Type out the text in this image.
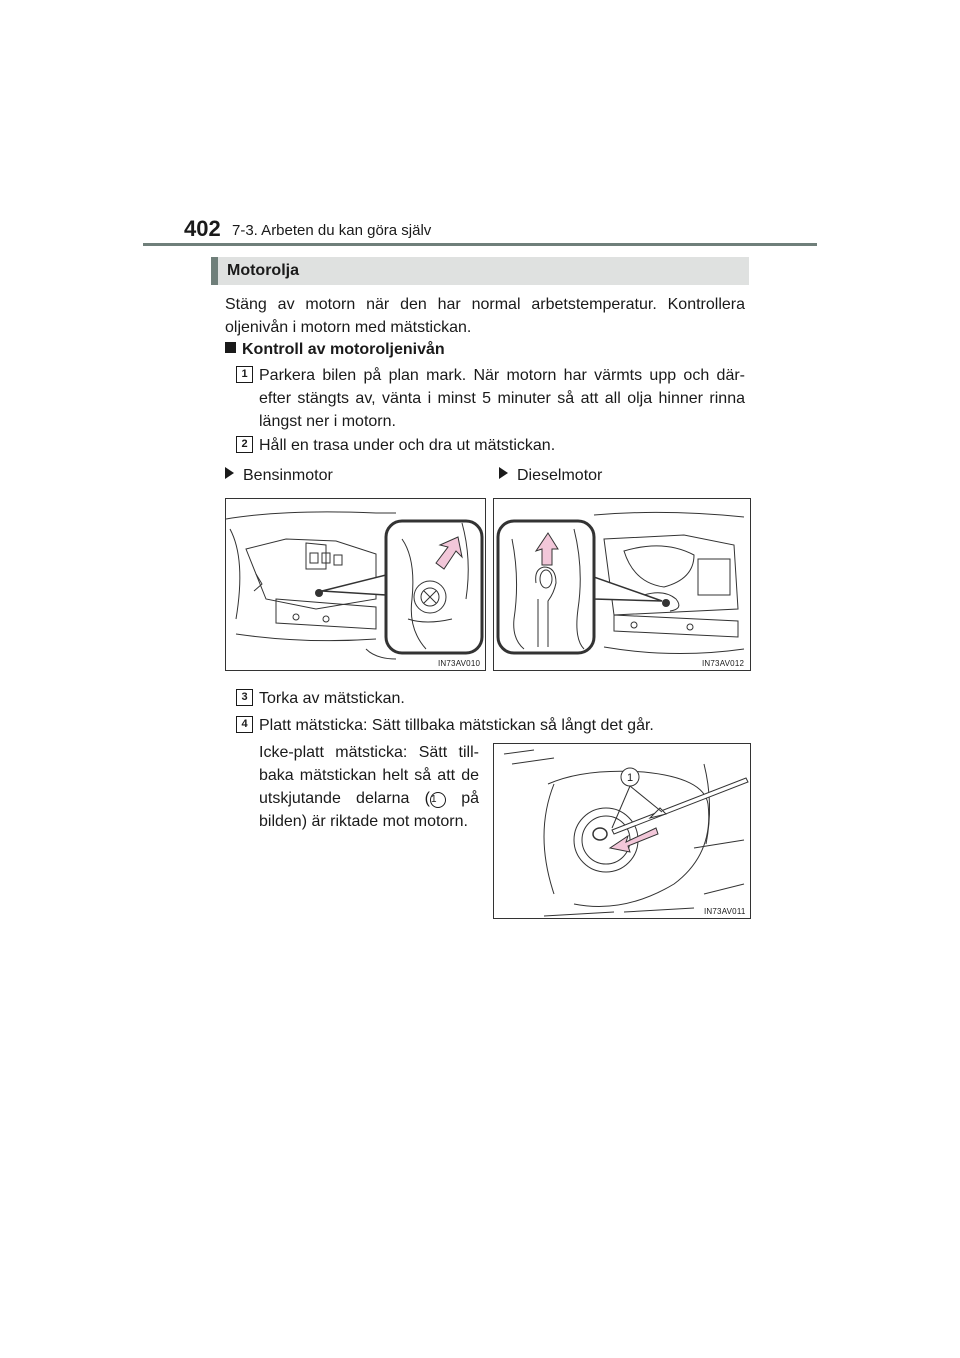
402 7-3. Arbeten du kan göra själv
Motorolja
Stäng av motorn när den har normal arbetstemperatur. Kontrollera oljenivån i motorn med mätstickan.
Kontroll av motoroljenivån
1 Parkera bilen på plan mark. När motorn har värmts upp och där-efter stängts av, vänta i minst 5 minuter så att all olja hinner rinna längst ner i motorn.
2 Håll en trasa under och dra ut mätstickan.
Bensinmotor	Dieselmotor
IN73AV010	IN73AV012
3 Torka av mätstickan.
4 Platt mätsticka: Sätt tillbaka mätstickan så långt det går.
Icke-platt mätsticka: Sätt till-baka mätstickan helt så att de utskjutande delarna (1 på bilden) är riktade mot motorn.
1
IN73AV011
